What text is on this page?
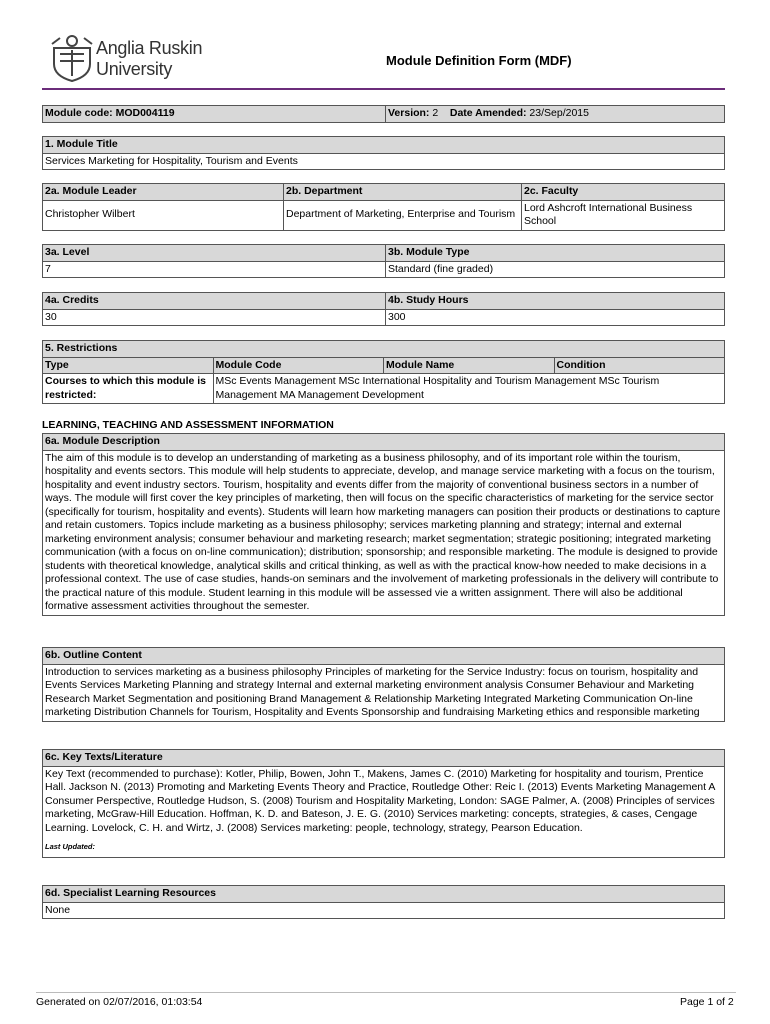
Anglia Ruskin
University	Module Definition Form (MDF)
Module code: MOD004119	Version: 2 Date Amended: 23/Sep/2015
1. Module Title
Services Marketing for Hospitality, Tourism and Events
2a. Module Leader	2b. Department	2c. Faculty
Christopher Wilbert	Department of Marketing, Enterprise and Tourism	Lord Ashcroft International Business School
3a. Level	3b. Module Type
7	Standard (fine graded)
4a. Credits	4b. Study Hours
30	300
5. Restrictions			
Type	Module Code	Module Name	Condition
Courses to which this module is restricted:	MSc Events Management MSc International Hospitality and Tourism Management MSc Tourism Management MA Management Development		
LEARNING, TEACHING AND ASSESSMENT INFORMATION
6a. Module Description
The aim of this module is to develop an understanding of marketing as a business philosophy, and of its important role within the tourism, hospitality and events sectors. This module will help students to appreciate, develop, and manage service marketing with a focus on the tourism, hospitality and event industry sectors. Tourism, hospitality and events differ from the majority of conventional business sectors in a number of ways. The module will first cover the key principles of marketing, then will focus on the specific characteristics of marketing for the service sector (specifically for tourism, hospitality and events). Students will learn how marketing managers can position their products or destinations to capture and retain customers. Topics include marketing as a business philosophy; services marketing planning and strategy; internal and external marketing environment analysis; consumer behaviour and marketing research; market segmentation; strategic positioning; integrated marketing communication (with a focus on on-line communication); distribution; sponsorship; and responsible marketing. The module is designed to provide students with theoretical knowledge, analytical skills and critical thinking, as well as with the practical know-how needed to make decisions in a professional context. The use of case studies, hands-on seminars and the involvement of marketing professionals in the delivery will contribute to the practical nature of this module. Student learning in this module will be assessed vie a written assignment. There will also be additional formative assessment activities throughout the semester.
6b. Outline Content
Introduction to services marketing as a business philosophy Principles of marketing for the Service Industry: focus on tourism, hospitality and Events Services Marketing Planning and strategy Internal and external marketing environment analysis Consumer Behaviour and Marketing Research Market Segmentation and positioning Brand Management & Relationship Marketing Integrated Marketing Communication On-line marketing Distribution Channels for Tourism, Hospitality and Events Sponsorship and fundraising Marketing ethics and responsible marketing
6c. Key Texts/Literature

Key Text (recommended to purchase): Kotler, Philip, Bowen, John T., Makens, James C. (2010) Marketing for hospitality and tourism, Prentice Hall. Jackson N. (2013) Promoting and Marketing Events Theory and Practice, Routledge Other: Reic I. (2013) Events Marketing Management A Consumer Perspective, Routledge Hudson, S. (2008) Tourism and Hospitality Marketing, London: SAGE Palmer, A. (2008) Principles of services marketing, McGraw-Hill Education. Hoffman, K. D. and Bateson, J. E. G. (2010) Services marketing: concepts, strategies, & cases, Cengage Learning. Lovelock, C. H. and Wirtz, J. (2008) Services marketing: people, technology, strategy, Pearson Education.
Last Updated:
6d. Specialist Learning Resources
None
Generated on 02/07/2016, 01:03:54	Page 1 of 2
